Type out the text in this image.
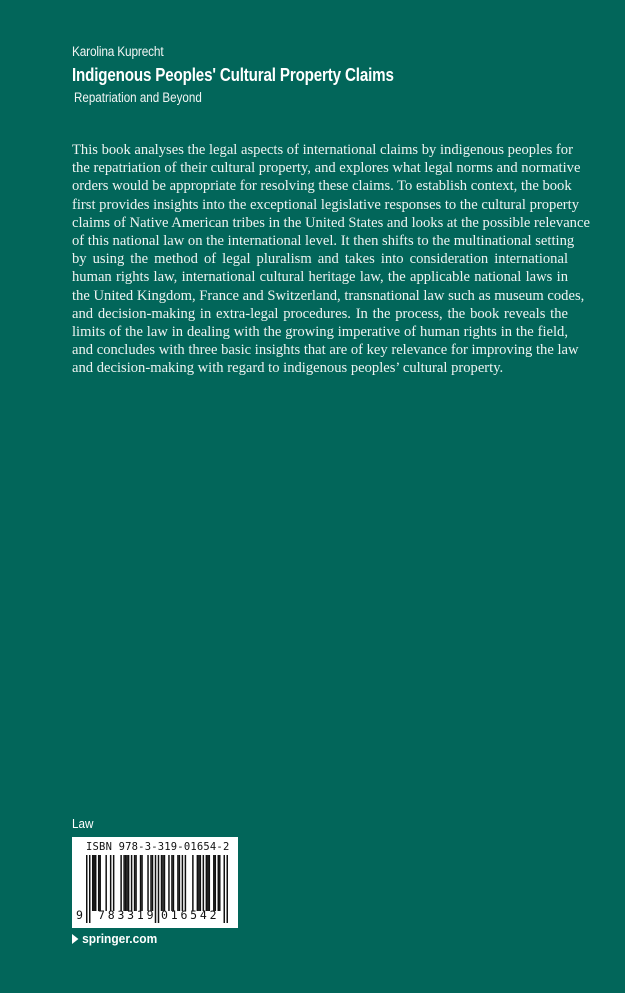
Karolina Kuprecht
Indigenous Peoples' Cultural Property Claims
Repatriation and Beyond
This book analyses the legal aspects of international claims by indigenous peoples for
the repatriation of their cultural property, and explores what legal norms and normative
orders would be appropriate for resolving these claims. To establish context, the book
first provides insights into the exceptional legislative responses to the cultural property
claims of Native American tribes in the United States and looks at the possible relevance
of this national law on the international level. It then shifts to the multinational setting
by using the method of legal pluralism and takes into consideration international
human rights law, international cultural heritage law, the applicable national laws in
the United Kingdom, France and Switzerland, transnational law such as museum codes,
and decision-making in extra-legal procedures. In the process, the book reveals the
limits of the law in dealing with the growing imperative of human rights in the field,
and concludes with three basic insights that are of key relevance for improving the law
and decision-making with regard to indigenous peoples’ cultural property.
Law
ISBN 978-3-319-01654-2
9 783319 016542
springer.com
